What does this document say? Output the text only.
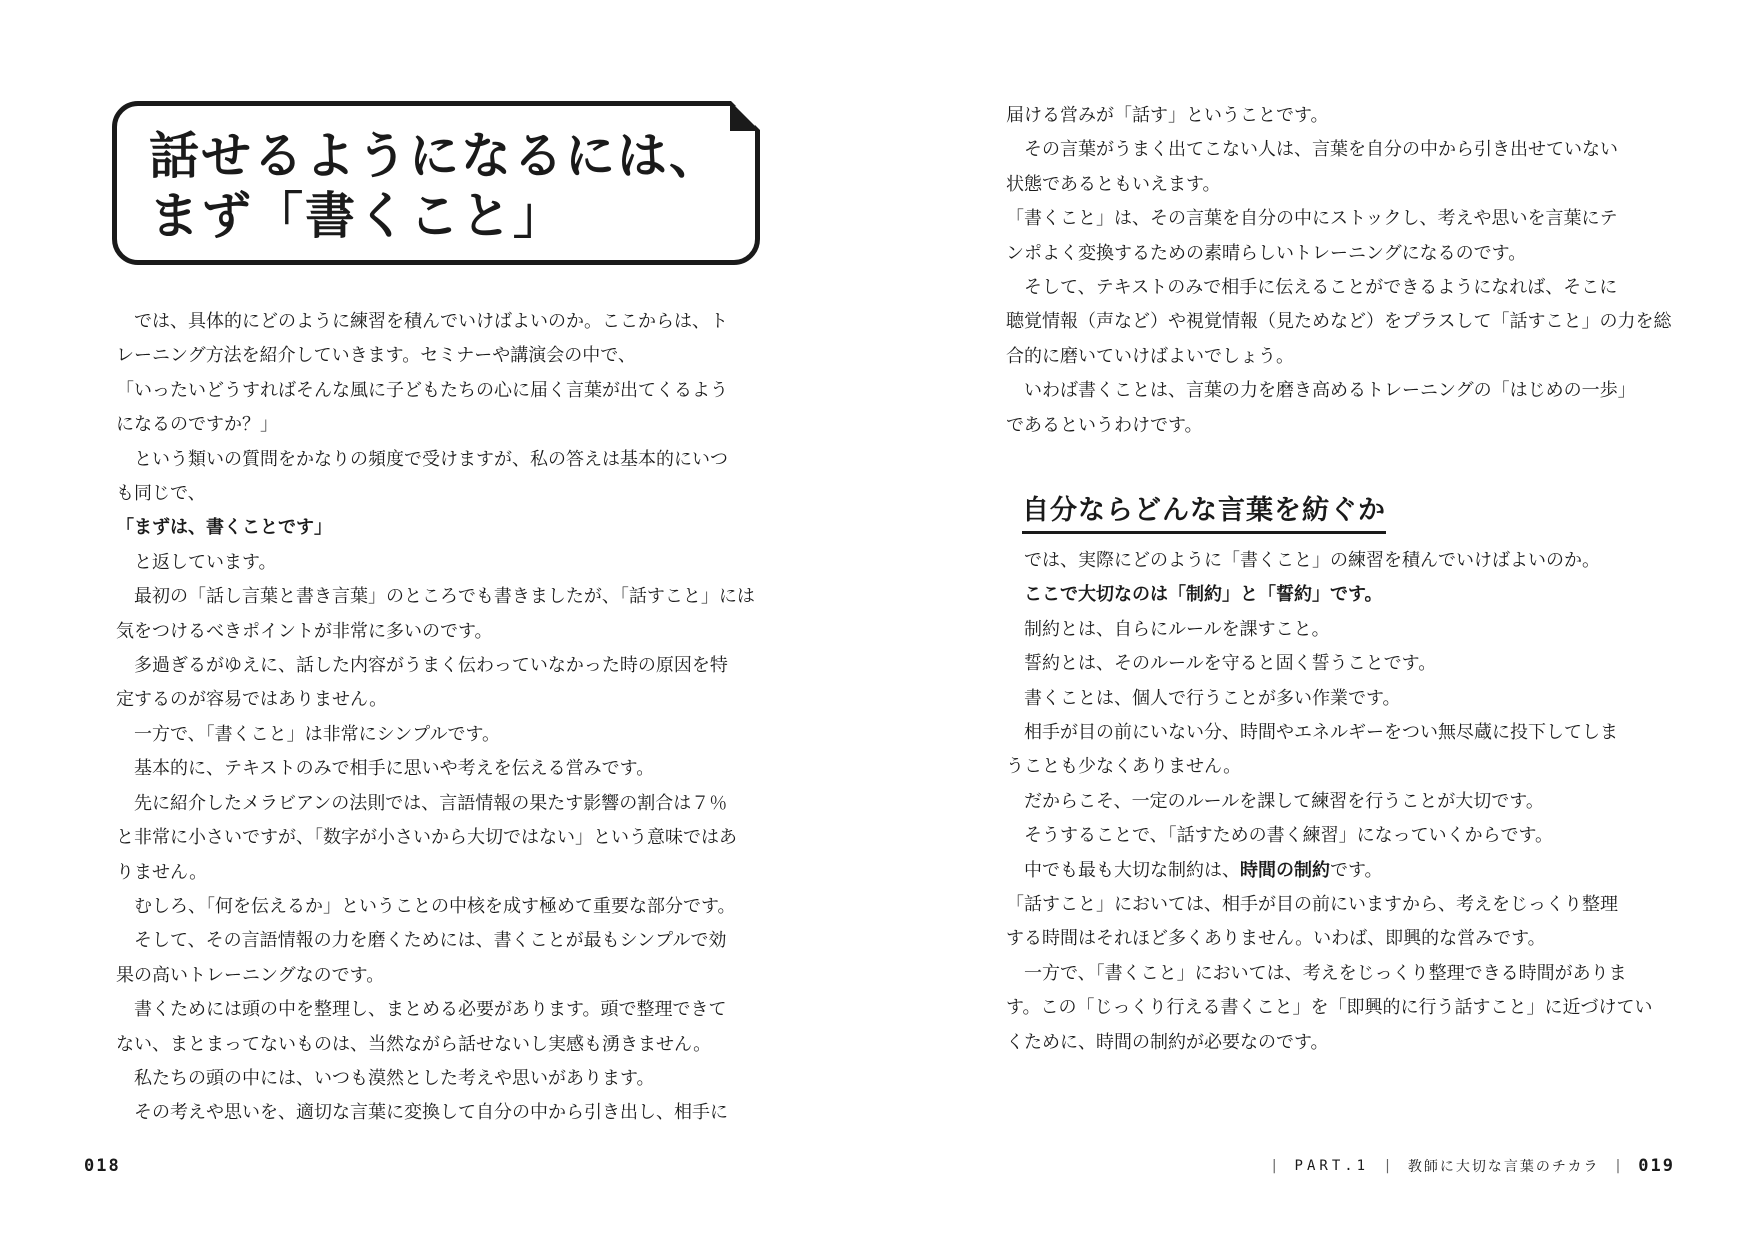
話せるようになるには、
まず「書くこと」

では、具体的にどのように練習を積んでいけばよいのか。ここからは、ト

レーニング方法を紹介していきます。セミナーや講演会の中で、

「いったいどうすればそんな風に子どもたちの心に届く言葉が出てくるよう

になるのですか？」

という類いの質問をかなりの頻度で受けますが、私の答えは基本的にいつ

も同じで、

「まずは、書くことです」

と返しています。

最初の「話し言葉と書き言葉」のところでも書きましたが、「話すこと」には

気をつけるべきポイントが非常に多いのです。

多過ぎるがゆえに、話した内容がうまく伝わっていなかった時の原因を特

定するのが容易ではありません。

一方で、「書くこと」は非常にシンプルです。

基本的に、テキストのみで相手に思いや考えを伝える営みです。

先に紹介したメラビアンの法則では、言語情報の果たす影響の割合は７％

と非常に小さいですが、「数字が小さいから大切ではない」という意味ではあ

りません。

むしろ、「何を伝えるか」ということの中核を成す極めて重要な部分です。

そして、その言語情報の力を磨くためには、書くことが最もシンプルで効

果の高いトレーニングなのです。

書くためには頭の中を整理し、まとめる必要があります。頭で整理できて

ない、まとまってないものは、当然ながら話せないし実感も湧きません。

私たちの頭の中には、いつも漠然とした考えや思いがあります。

その考えや思いを、適切な言葉に変換して自分の中から引き出し、相手に

018

届ける営みが「話す」ということです。

その言葉がうまく出てこない人は、言葉を自分の中から引き出せていない

状態であるともいえます。

「書くこと」は、その言葉を自分の中にストックし、考えや思いを言葉にテ

ンポよく変換するための素晴らしいトレーニングになるのです。

そして、テキストのみで相手に伝えることができるようになれば、そこに

聴覚情報（声など）や視覚情報（見ためなど）をプラスして「話すこと」の力を総

合的に磨いていけばよいでしょう。

いわば書くことは、言葉の力を磨き高めるトレーニングの「はじめの一歩」

であるというわけです。

自分ならどんな言葉を紡ぐか

では、実際にどのように「書くこと」の練習を積んでいけばよいのか。

ここで大切なのは「制約」と「誓約」です。

制約とは、自らにルールを課すこと。

誓約とは、そのルールを守ると固く誓うことです。

書くことは、個人で行うことが多い作業です。

相手が目の前にいない分、時間やエネルギーをつい無尽蔵に投下してしま

うことも少なくありません。

だからこそ、一定のルールを課して練習を行うことが大切です。

そうすることで、「話すための書く練習」になっていくからです。

中でも最も大切な制約は、時間の制約です。

「話すこと」においては、相手が目の前にいますから、考えをじっくり整理

する時間はそれほど多くありません。いわば、即興的な営みです。

一方で、「書くこと」においては、考えをじっくり整理できる時間がありま

す。この「じっくり行える書くこと」を「即興的に行う話すこと」に近づけてい

くために、時間の制約が必要なのです。

| PART.1 | 教師に大切な言葉のチカラ | 019
